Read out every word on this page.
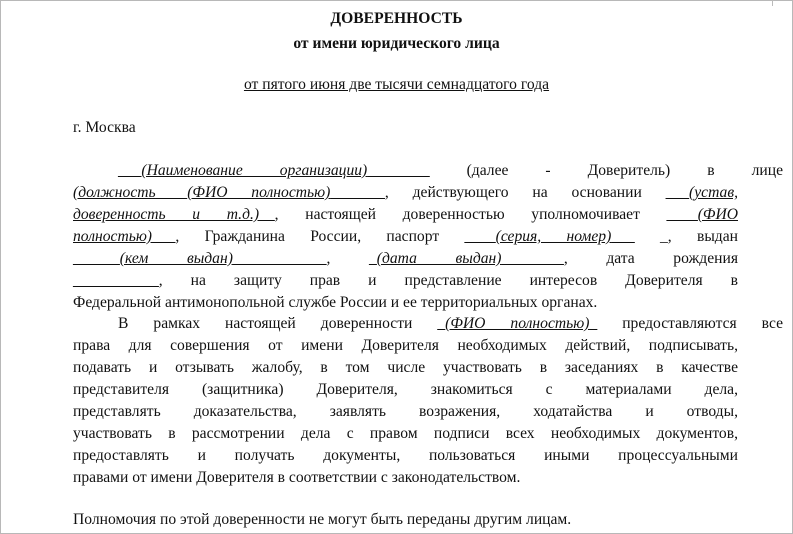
ДОВЕРЕННОСТЬ
от имени юридического лица
от пятого июня две тысячи семнадцатого года
г. Москва
___(Наименование организации)________ (далее - Доверитель) в лице
(должность _(ФИО полностью)_______, действующего на основании ___(устав,
доверенность и т.д.)__, настоящей доверенностью уполномочивает ____(ФИО
полностью)___, Гражданина России, паспорт ____(серия, номер)___ _, выдан
______(кем выдан)____________, _(дата выдан)________, дата рождения
___________, на защиту прав и представление интересов Доверителя в
Федеральной антимонопольной службе России и ее территориальных органах.
В рамках настоящей доверенности _(ФИО полностью)_ предоставляются все
права для совершения от имени Доверителя необходимых действий, подписывать,
подавать и отзывать жалобу, в том числе участвовать в заседаниях в качестве
представителя (защитника) Доверителя, знакомиться с материалами дела,
представлять доказательства, заявлять возражения, ходатайства и отводы,
участвовать в рассмотрении дела с правом подписи всех необходимых документов,
предоставлять и получать документы, пользоваться иными процессуальными
правами от имени Доверителя в соответствии с законодательством.
Полномочия по этой доверенности не могут быть переданы другим лицам.
